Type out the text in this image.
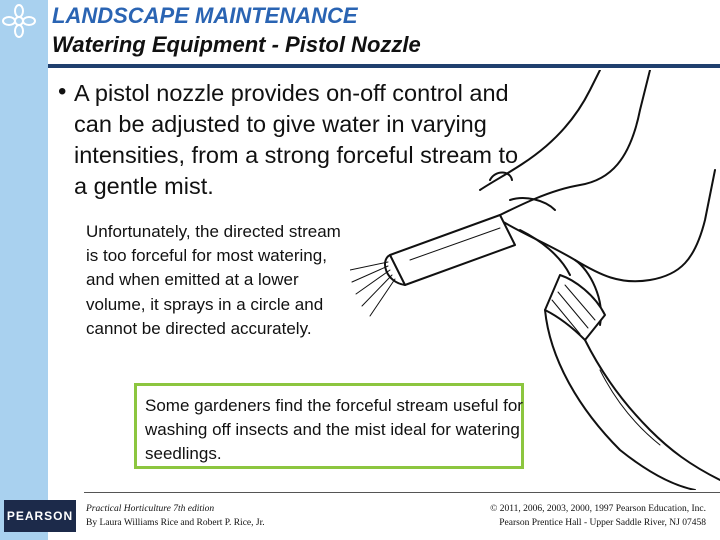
LANDSCAPE MAINTENANCE
Watering Equipment - Pistol Nozzle
• A pistol nozzle provides on-off control and can be adjusted to give water in varying intensities, from a strong forceful stream to a gentle mist.
Unfortunately, the directed stream is too forceful for most watering, and when emitted at a lower volume, it sprays in a circle and cannot be directed accurately.
Some gardeners find the forceful stream useful for washing off insects and the mist ideal for watering seedlings.
PEARSON Practical Horticulture 7th edition
By Laura Williams Rice and Robert P. Rice, Jr.
© 2011, 2006, 2003, 2000, 1997 Pearson Education, Inc.
Pearson Prentice Hall - Upper Saddle River, NJ 07458
